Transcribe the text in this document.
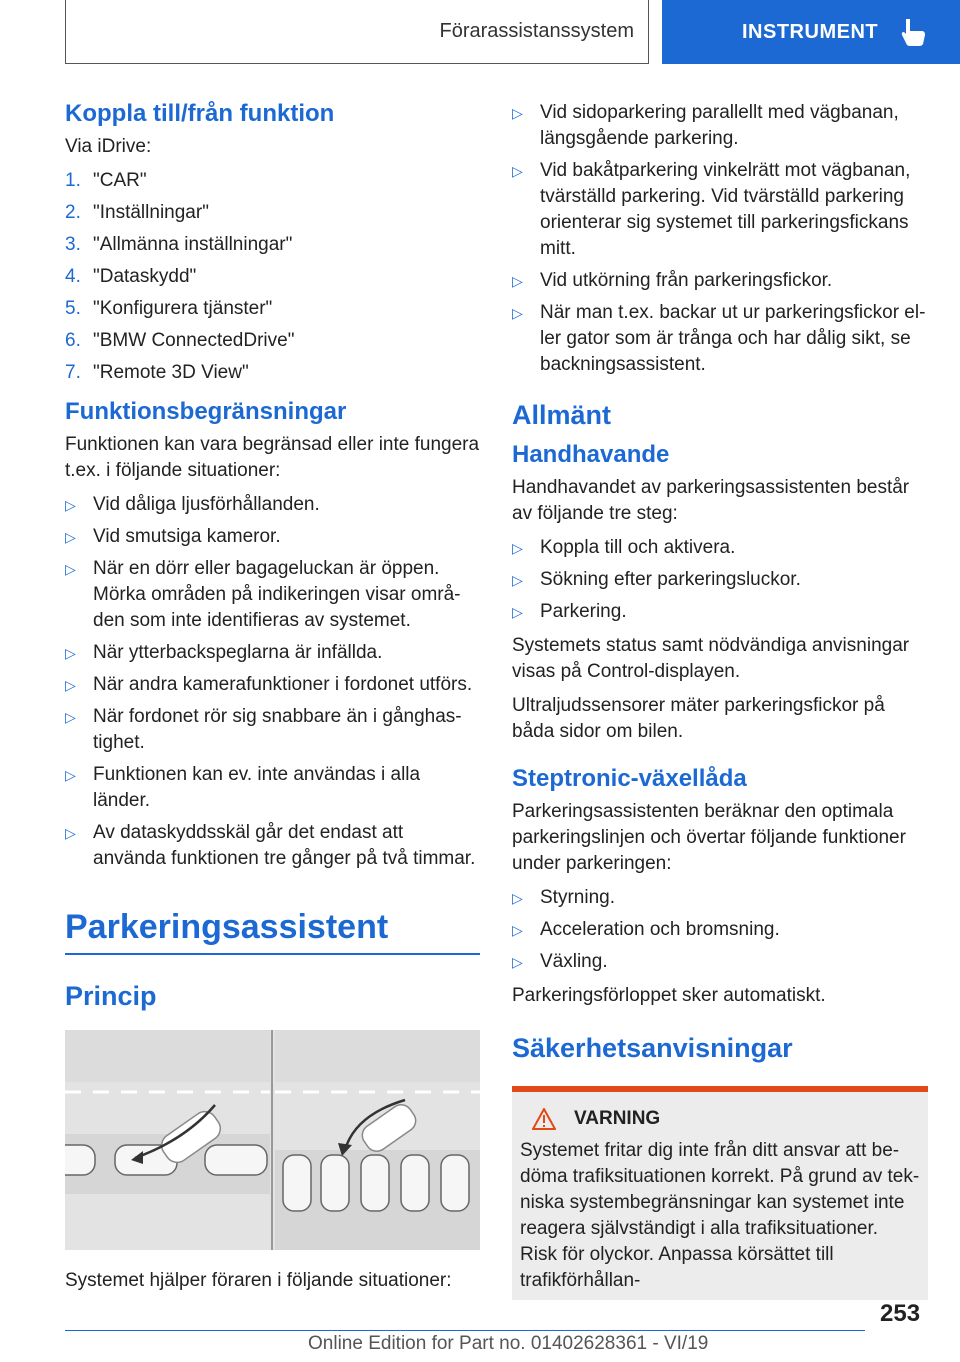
Förarassistanssystem	INSTRUMENT
Koppla till/från funktion

Via iDrive:

1. "CAR"
2. "Inställningar"
3. "Allmänna inställningar"
4. "Dataskydd"
5. "Konfigurera tjänster"
6. "BMW ConnectedDrive"
7. "Remote 3D View"
Funktionsbegränsningar

Funktionen kan vara begränsad eller inte fungera t.ex. i följande situationer:

▷ Vid dåliga ljusförhållanden.
▷ Vid smutsiga kameror.
▷ När en dörr eller bagageluckan är öppen. Mörka områden på indikeringen visar områ-den som inte identifieras av systemet.
▷ När ytterbackspeglarna är infällda.
▷ När andra kamerafunktioner i fordonet utförs.
▷ När fordonet rör sig snabbare än i gånghas-tighet.
▷ Funktionen kan ev. inte användas i alla länder.
▷ Av dataskyddsskäl går det endast att använda funktionen tre gånger på två timmar.
Parkeringsassistent
Princip

Systemet hjälper föraren i följande situationer:

▷ Vid sidoparkering parallellt med vägbanan, längsgående parkering.
▷ Vid bakåtparkering vinkelrätt mot vägbanan, tvärställd parkering. Vid tvärställd parkering orienterar sig systemet till parkeringsfickans mitt.
▷ Vid utkörning från parkeringsfickor.
▷ När man t.ex. backar ut ur parkeringsfickor el-ler gator som är trånga och har dålig sikt, se backningsassistent.
Allmänt
Handhavande

Handhavandet av parkeringsassistenten består av följande tre steg:

▷ Koppla till och aktivera.
▷ Sökning efter parkeringsluckor.
▷ Parkering.

Systemets status samt nödvändiga anvisningar visas på Control-displayen.

Ultraljudssensorer mäter parkeringsfickor på båda sidor om bilen.

Steptronic-växellåda

Parkeringsassistenten beräknar den optimala parkeringslinjen och övertar följande funktioner under parkeringen:

▷ Styrning.
▷ Acceleration och bromsning.
▷ Växling.

Parkeringsförloppet sker automatiskt.

Säkerhetsanvisningar
VARNING

Systemet fritar dig inte från ditt ansvar att be-döma trafiksituationen korrekt. På grund av tek-niska systembegränsningar kan systemet inte reagera självständigt i alla trafiksituationer. Risk för olyckor. Anpassa körsättet till trafikförhållan-

253
Online Edition for Part no. 01402628361 - VI/19
